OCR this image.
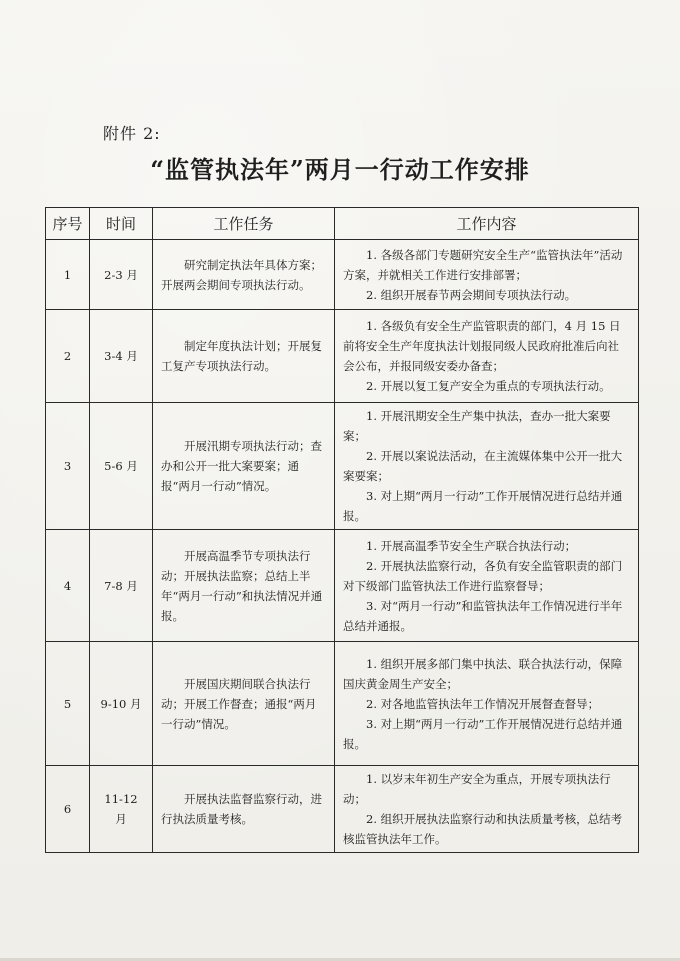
附件 2:
“监管执法年”两月一行动工作安排
序号	时间	工作任务	工作内容
1	2-3 月	研究制定执法年具体方案；开展两会期间专项执法行动。	1. 各级各部门专题研究安全生产“监管执法年”活动方案，并就相关工作进行安排部署；

2. 组织开展春节两会期间专项执法行动。

2	3-4 月	制定年度执法计划；开展复工复产专项执法行动。	1. 各级负有安全生产监管职责的部门，4 月 15 日前将安全生产年度执法计划报同级人民政府批准后向社会公布，并报同级安委办备查；

2. 开展以复工复产安全为重点的专项执法行动。

3	5-6 月	开展汛期专项执法行动；查办和公开一批大案要案；通报“两月一行动”情况。	1. 开展汛期安全生产集中执法，查办一批大案要案；

2. 开展以案说法活动，在主流媒体集中公开一批大案要案；

3. 对上期“两月一行动”工作开展情况进行总结并通报。

4	7-8 月	开展高温季节专项执法行动；开展执法监察；总结上半年“两月一行动”和执法情况并通报。	1. 开展高温季节安全生产联合执法行动；

2. 开展执法监察行动，各负有安全监管职责的部门对下级部门监管执法工作进行监察督导；

3. 对“两月一行动”和监管执法年工作情况进行半年总结并通报。

5	9-10 月	开展国庆期间联合执法行动；开展工作督查；通报“两月一行动”情况。	1. 组织开展多部门集中执法、联合执法行动，保障国庆黄金周生产安全；

2. 对各地监管执法年工作情况开展督查督导；

3. 对上期“两月一行动”工作开展情况进行总结并通报。

6	11-12 月	开展执法监督监察行动，进行执法质量考核。	1. 以岁末年初生产安全为重点，开展专项执法行动；

2. 组织开展执法监察行动和执法质量考核，总结考核监管执法年工作。
